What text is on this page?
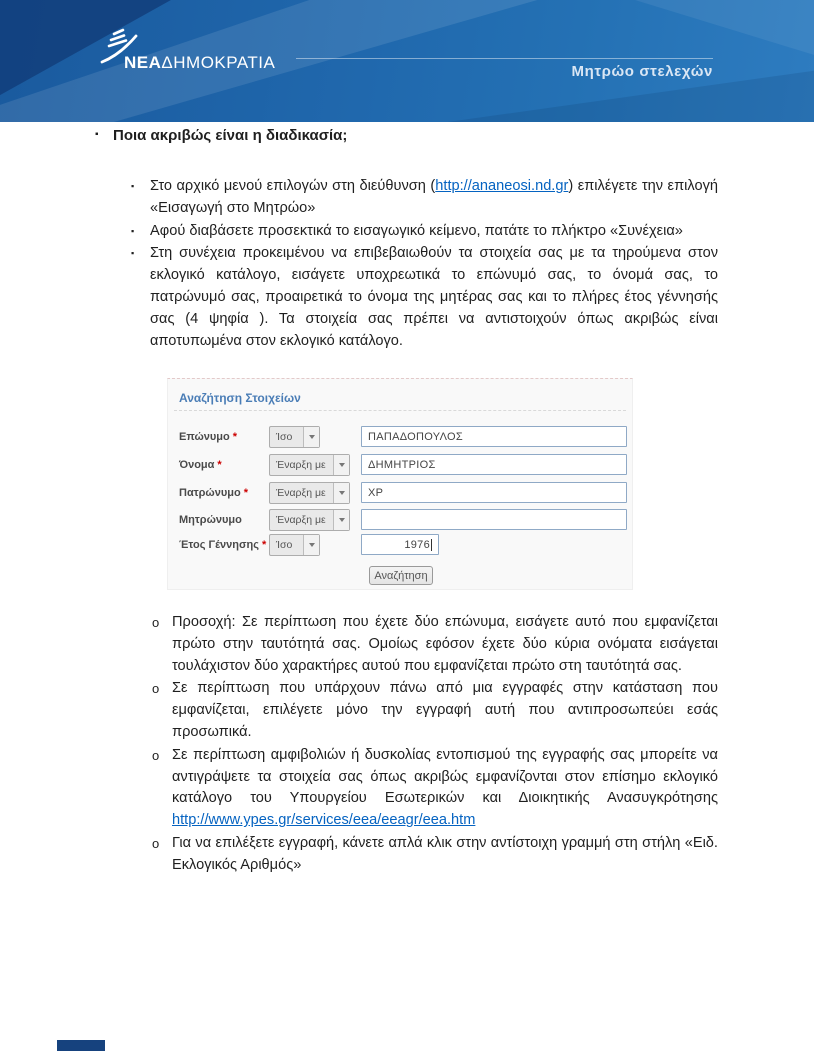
ΝΕΑΔΗΜΟΚΡΑΤΙΑ	Μητρώο στελεχών
▪ Ποια ακριβώς είναι η διαδικασία;
▪ Στο αρχικό μενού επιλογών στη διεύθυνση (http://ananeosi.nd.gr) επιλέγετε την επιλογή «Εισαγωγή στο Μητρώο»
▪ Αφού διαβάσετε προσεκτικά το εισαγωγικό κείμενο, πατάτε το πλήκτρο «Συνέχεια»
▪ Στη συνέχεια προκειμένου να επιβεβαιωθούν τα στοιχεία σας με τα τηρούμενα στον εκλογικό κατάλογο, εισάγετε υποχρεωτικά το επώνυμό σας, το όνομά σας, το πατρώνυμό σας, προαιρετικά το όνομα της μητέρας σας και το πλήρες έτος γέννησής σας (4 ψηφία ). Τα στοιχεία σας πρέπει να αντιστοιχούν όπως ακριβώς είναι αποτυπωμένα στον εκλογικό κατάλογο.
Αναζήτηση Στοιχείων
Επώνυμο *	Ίσο	ΠΑΠΑΔΟΠΟΥΛΟΣ
Όνομα *	Έναρξη με	ΔΗΜΗΤΡΙΟΣ
Πατρώνυμο *	Έναρξη με	ΧΡ
Μητρώνυμο	Έναρξη με
Έτος Γέννησης * Ίσο	1976
Αναζήτηση
o Προσοχή: Σε περίπτωση που έχετε δύο επώνυμα, εισάγετε αυτό που εμφανίζεται πρώτο στην ταυτότητά σας. Ομοίως εφόσον έχετε δύο κύρια ονόματα εισάγεται τουλάχιστον δύο χαρακτήρες αυτού που εμφανίζεται πρώτο στη ταυτότητά σας.
o Σε περίπτωση που υπάρχουν πάνω από μια εγγραφές στην κατάσταση που εμφανίζεται, επιλέγετε μόνο την εγγραφή αυτή που αντιπροσωπεύει εσάς προσωπικά.
o Σε περίπτωση αμφιβολιών ή δυσκολίας εντοπισμού της εγγραφής σας μπορείτε να αντιγράψετε τα στοιχεία σας όπως ακριβώς εμφανίζονται στον επίσημο εκλογικό κατάλογο του Υπουργείου Εσωτερικών και Διοικητικής Ανασυγκρότησης http://www.ypes.gr/services/eea/eeagr/eea.htm
o Για να επιλέξετε εγγραφή, κάνετε απλά κλικ στην αντίστοιχη γραμμή στη στήλη «Ειδ. Εκλογικός Αριθμός»
